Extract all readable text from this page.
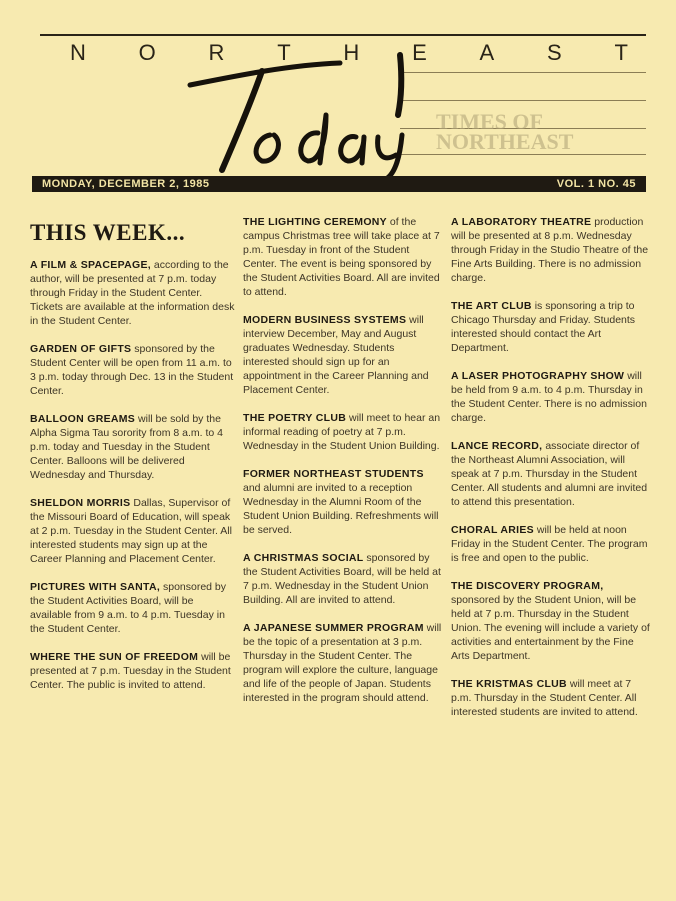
N O R T H E A S T
TIMES OF NORTHEAST
MONDAY, DECEMBER 2, 1985	VOL. 1 NO. 45
THIS WEEK...
A FILM & SPACEPAGE, according to the author, will be presented at 7 p.m. today through Friday in the Student Center. Tickets are available at the information desk in the Student Center.
GARDEN OF GIFTS sponsored by the Student Center will be open from 11 a.m. to 3 p.m. today through Dec. 13 in the Student Center.
BALLOON GREAMS will be sold by the Alpha Sigma Tau sorority from 8 a.m. to 4 p.m. today and Tuesday in the Student Center. Balloons will be delivered Wednesday and Thursday.
SHELDON MORRIS Dallas, Supervisor of the Missouri Board of Education, will speak at 2 p.m. Tuesday in the Student Center. All interested students may sign up at the Career Planning and Placement Center.
PICTURES WITH SANTA, sponsored by the Student Activities Board, will be available from 9 a.m. to 4 p.m. Tuesday in the Student Center.
WHERE THE SUN OF FREEDOM will be presented at 7 p.m. Tuesday in the Student Center. The public is invited to attend.
THE LIGHTING CEREMONY of the campus Christmas tree will take place at 7 p.m. Tuesday in front of the Student Center. The event is being sponsored by the Student Activities Board. All are invited to attend.
MODERN BUSINESS SYSTEMS will interview December, May and August graduates Wednesday. Students interested should sign up for an appointment in the Career Planning and Placement Center.
THE POETRY CLUB will meet to hear an informal reading of poetry at 7 p.m. Wednesday in the Student Union Building.
FORMER NORTHEAST STUDENTS and alumni are invited to a reception Wednesday in the Alumni Room of the Student Union Building. Refreshments will be served.
A CHRISTMAS SOCIAL sponsored by the Student Activities Board, will be held at 7 p.m. Wednesday in the Student Union Building. All are invited to attend.
A JAPANESE SUMMER PROGRAM will be the topic of a presentation at 3 p.m. Thursday in the Student Center. The program will explore the culture, language and life of the people of Japan. Students interested in the program should attend.
A LABORATORY THEATRE production will be presented at 8 p.m. Wednesday through Friday in the Studio Theatre of the Fine Arts Building. There is no admission charge.
THE ART CLUB is sponsoring a trip to Chicago Thursday and Friday. Students interested should contact the Art Department.
A LASER PHOTOGRAPHY SHOW will be held from 9 a.m. to 4 p.m. Thursday in the Student Center. There is no admission charge.
LANCE RECORD, associate director of the Northeast Alumni Association, will speak at 7 p.m. Thursday in the Student Center. All students and alumni are invited to attend this presentation.
CHORAL ARIES will be held at noon Friday in the Student Center. The program is free and open to the public.
THE DISCOVERY PROGRAM, sponsored by the Student Union, will be held at 7 p.m. Thursday in the Student Union. The evening will include a variety of activities and entertainment by the Fine Arts Department.
THE KRISTMAS CLUB will meet at 7 p.m. Thursday in the Student Center. All interested students are invited to attend.
